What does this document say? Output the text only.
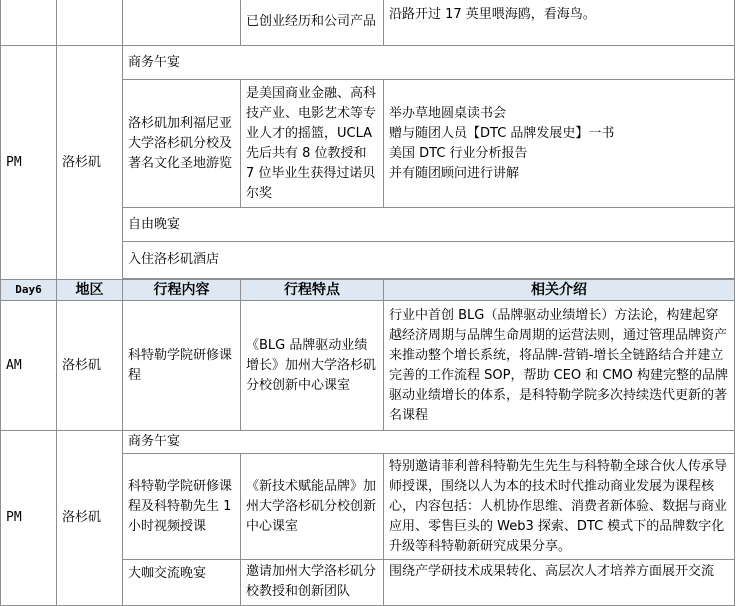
			已创业经历和公司产品	沿路开过 17 英里喂海鸥，看海鸟。
PM	洛杉矶	商务午宴		
		洛杉矶加利福尼亚大学洛杉矶分校及著名文化圣地游览	是美国商业金融、高科技产业、电影艺术等专业人才的摇篮，UCLA 先后共有 8 位教授和 7 位毕业生获得过诺贝尔奖	举办草地圆桌读书会
赠与随团人员【DTC 品牌发展史】一书
美国 DTC 行业分析报告
并有随团顾问进行讲解

		自由晚宴		
		入住洛杉矶酒店		

Day6	地区	行程内容	行程特点	相关介绍
AM	洛杉矶	科特勒学院研修课程	《BLG 品牌驱动业绩增长》加州大学洛杉矶分校创新中心课室	行业中首创 BLG（品牌驱动业绩增长）方法论，构建起穿越经济周期与品牌生命周期的运营法则，通过管理品牌资产来推动整个增长系统，将品牌-营销-增长全链路结合并建立完善的工作流程 SOP，帮助 CEO 和 CMO 构建完整的品牌驱动业绩增长的体系，是科特勒学院多次持续迭代更新的著名课程
PM	洛杉矶	商务午宴		
		科特勒学院研修课程及科特勒先生 1 小时视频授课	《新技术赋能品牌》加州大学洛杉矶分校创新中心课室	特别邀请菲利普科特勒先生先生与科特勒全球合伙人传承导师授课，围绕以人为本的技术时代推动商业发展为课程核心，内容包括：人机协作思维、消费者新体验、数据与商业应用、零售巨头的 Web3 探索、DTC 模式下的品牌数字化升级等科特勒新研究成果分享。
		大咖交流晚宴	邀请加州大学洛杉矶分校教授和创新团队	围绕产学研技术成果转化、高层次人才培养方面展开交流
